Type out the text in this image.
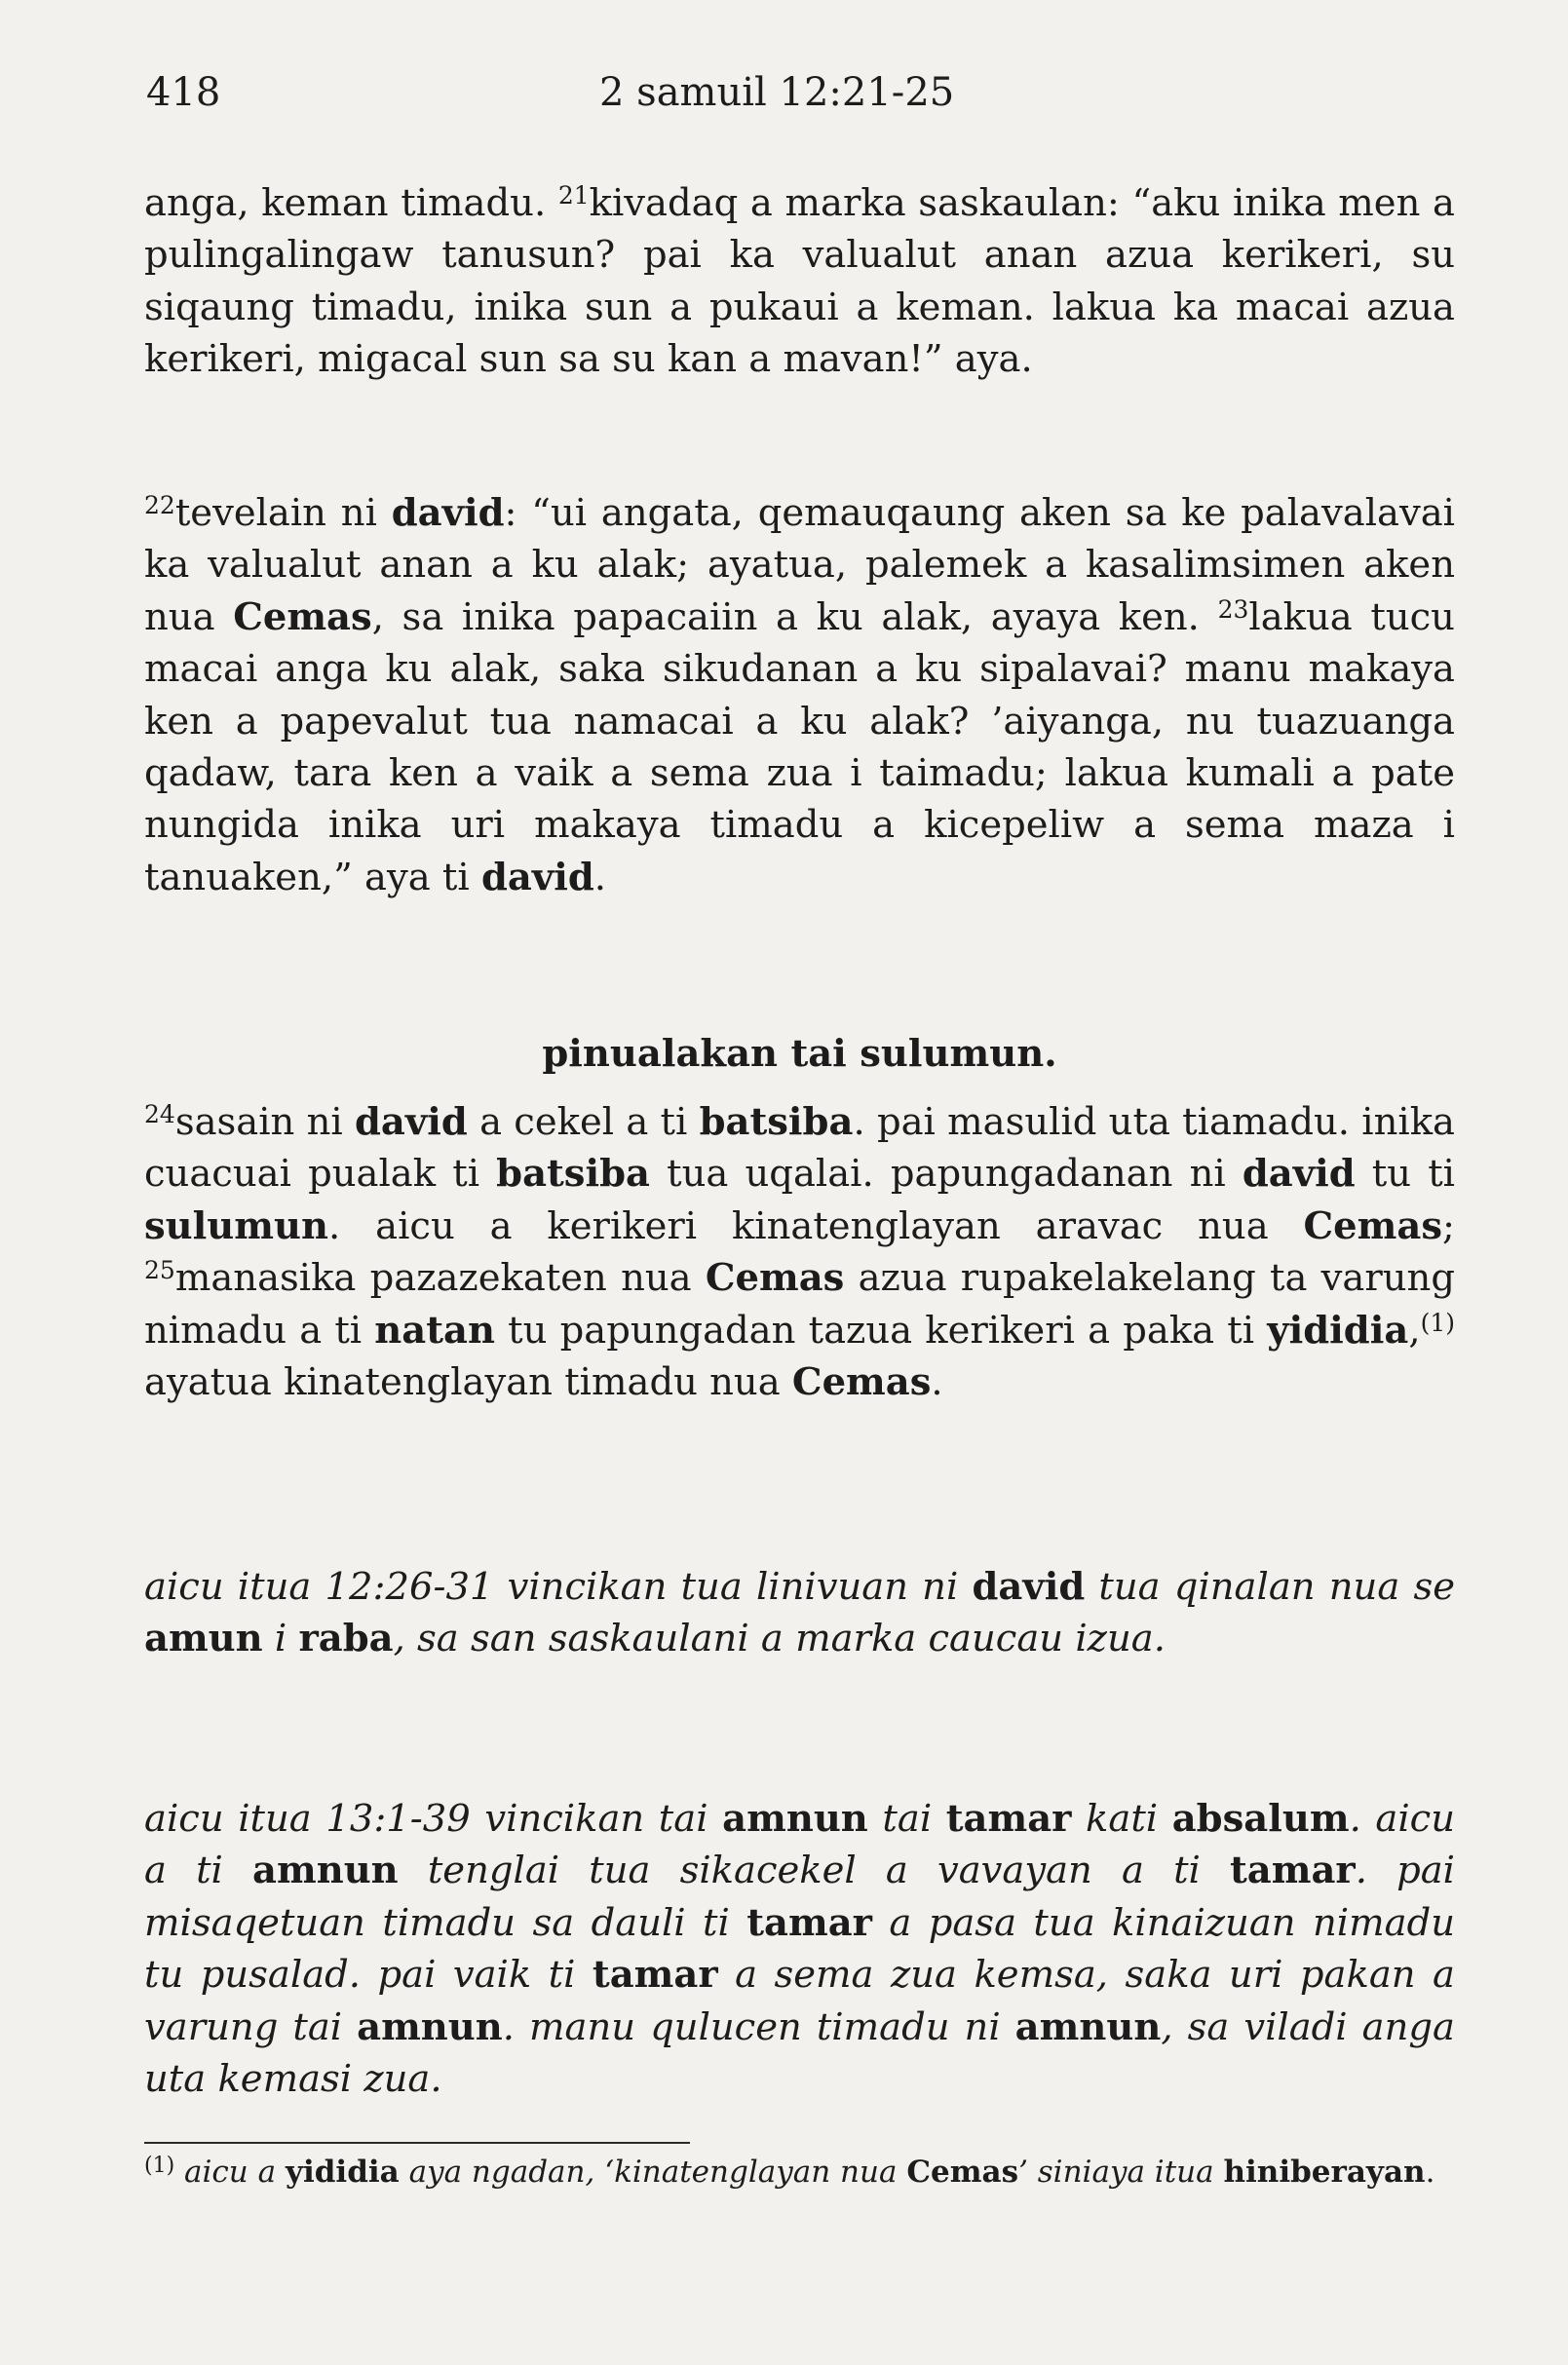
418	2 samuil 12:21-25

anga, keman timadu. $^{21}$kivadaq a marka saskaulan: “aku inika men a pulingalingaw tanusun? pai ka valualut anan azua kerikeri, su siqaung timadu, inika sun a pukaui a keman. lakua ka macai azua kerikeri, migacal sun sa su kan a mavan!” aya.

$^{22}$tevelain ni david: “ui angata, qemauqaung aken sa ke palavalavai ka valualut anan a ku alak; ayatua, palemek a kasalimsimen aken nua Cemas, sa inika papacaiin a ku alak, ayaya ken. $^{23}$lakua tucu macai anga ku alak, saka sikudanan a ku sipalavai? manu makaya ken a papevalut tua namacai a ku alak? ’aiyanga, nu tuazuanga qadaw, tara ken a vaik a sema zua i taimadu; lakua kumali a pate nungida inika uri makaya timadu a kicepeliw a sema maza i tanuaken,” aya ti david.

pinualakan tai sulumun.

$^{24}$sasain ni david a cekel a ti batsiba. pai masulid uta tiamadu. inika cuacuai pualak ti batsiba tua uqalai. papungadanan ni david tu ti sulumun. aicu a kerikeri kinatenglayan aravac nua Cemas; $^{25}$manasika pazazekaten nua Cemas azua rupakelakelang ta varung nimadu a ti natan tu papungadan tazua kerikeri a paka ti yididia,$^{(1)}$ ayatua kinatenglayan timadu nua Cemas.

aicu itua 12:26-31 vincikan tua linivuan ni david tua qinalan nua se amun i raba, sa san saskaulani a marka caucau izua.
aicu itua 13:1-39 vincikan tai amnun tai tamar kati absalum. aicu a ti amnun tenglai tua sikacekel a vavayan a ti tamar. pai misaqetuan timadu sa dauli ti tamar a pasa tua kinaizuan nimadu tu pusalad. pai vaik ti tamar a sema zua kemsa, saka uri pakan a varung tai amnun. manu qulucen timadu ni amnun, sa viladi anga uta kemasi zua.
$^{(1)}$ aicu a yididia aya ngadan, ‘kinatenglayan nua Cemas’ siniaya itua hiniberayan.
